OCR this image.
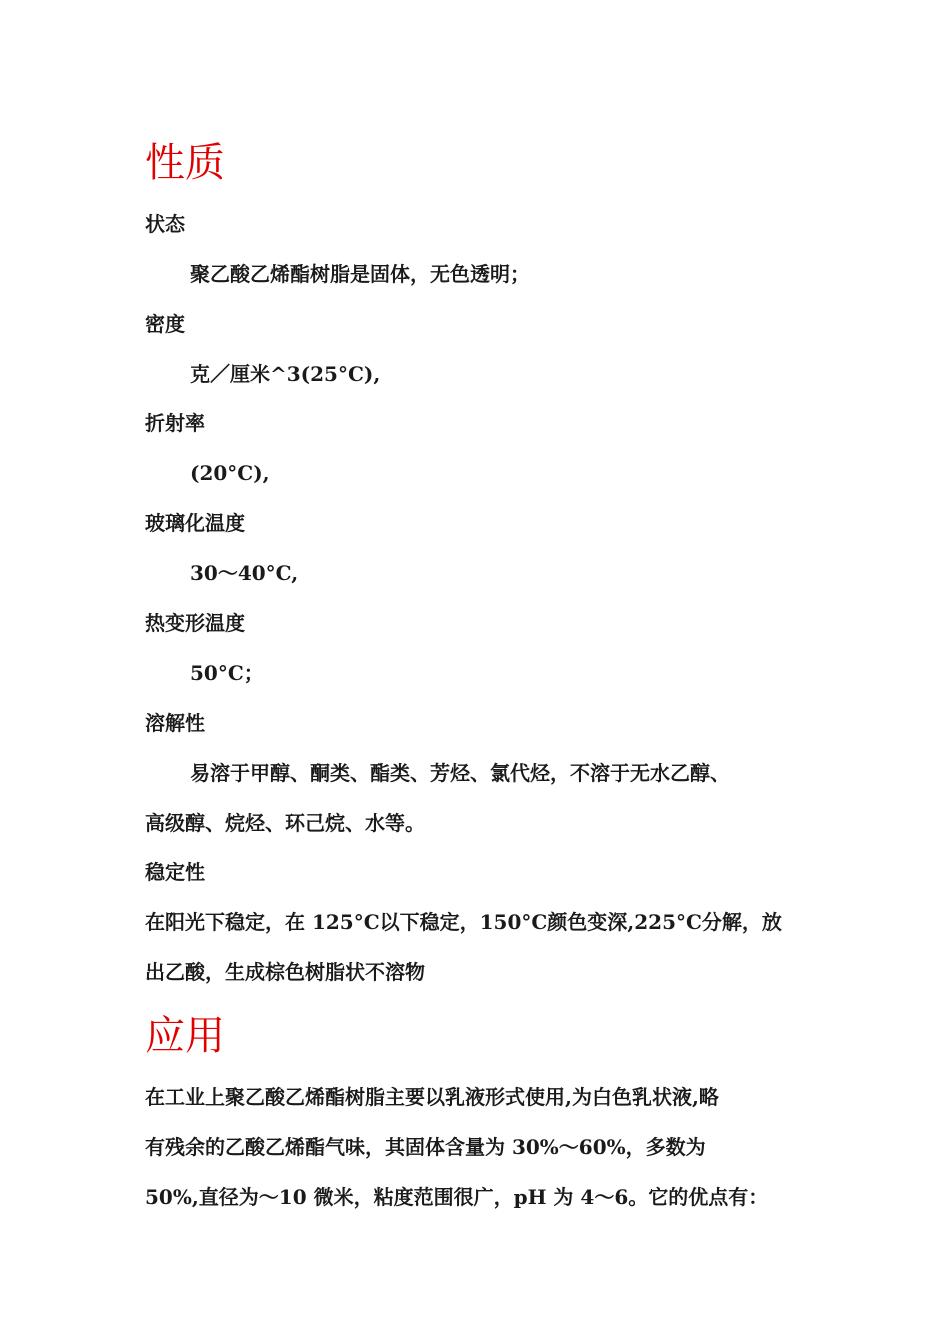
性质
状态
聚乙酸乙烯酯树脂是固体，无色透明；
密度
克／厘米^3(25°C),
折射率
(20°C),
玻璃化温度
30～40°C,
热变形温度
50°C；
溶解性
易溶于甲醇、酮类、酯类、芳烃、氯代烃，不溶于无水乙醇、
高级醇、烷烃、环己烷、水等。
稳定性
在阳光下稳定，在 125°C以下稳定，150°C颜色变深,225°C分解，放
出乙酸，生成棕色树脂状不溶物
应用
在工业上聚乙酸乙烯酯树脂主要以乳液形式使用,为白色乳状液,略
有残余的乙酸乙烯酯气味，其固体含量为 30%～60%，多数为
50%,直径为～10 微米，粘度范围很广，pH 为 4～6。它的优点有：
